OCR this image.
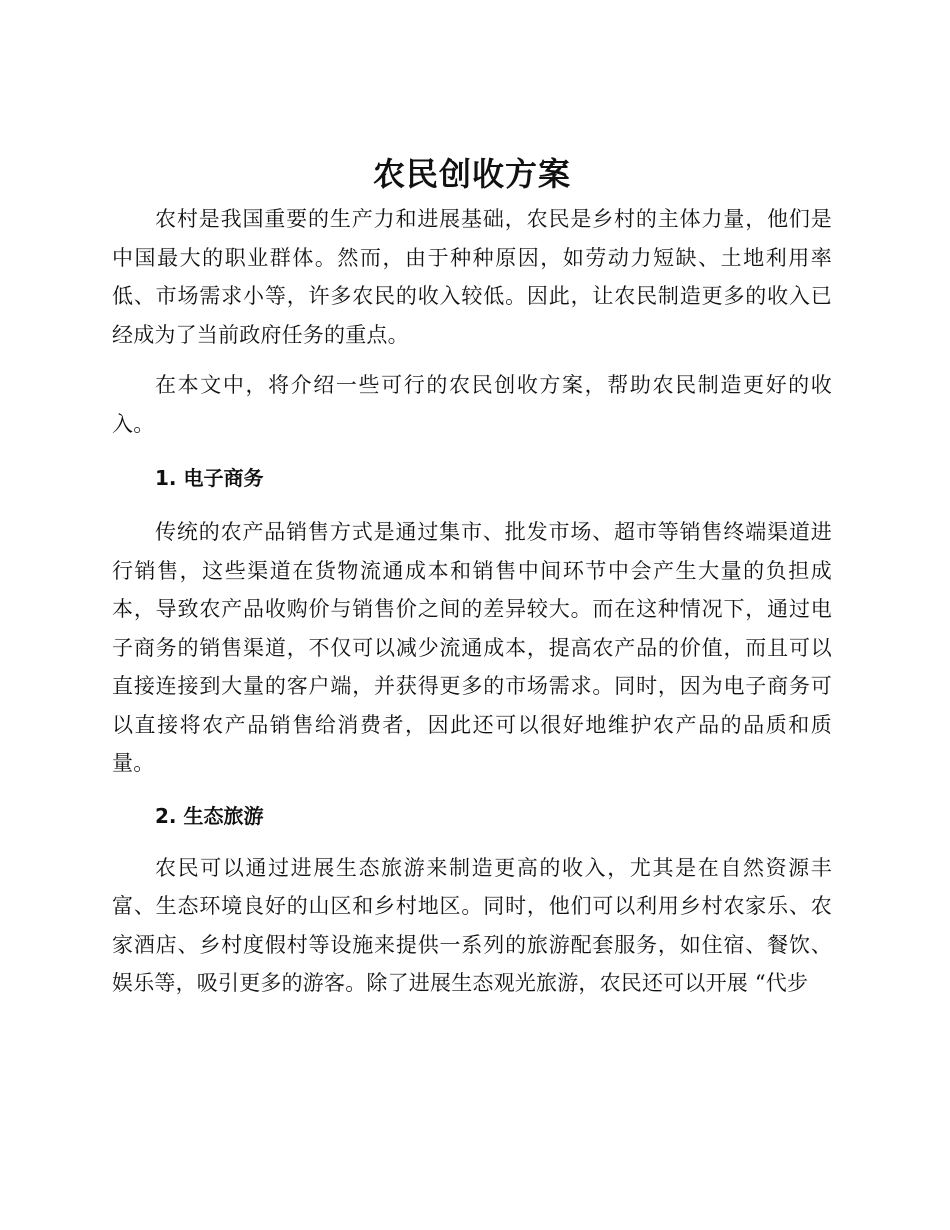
农民创收方案

农村是我国重要的生产力和进展基础，农民是乡村的主体力量，他们是中国最大的职业群体。然而，由于种种原因，如劳动力短缺、土地利用率低、市场需求小等，许多农民的收入较低。因此，让农民制造更多的收入已经成为了当前政府任务的重点。

在本文中，将介绍一些可行的农民创收方案，帮助农民制造更好的收入。

1. 电子商务

传统的农产品销售方式是通过集市、批发市场、超市等销售终端渠道进行销售，这些渠道在货物流通成本和销售中间环节中会产生大量的负担成本，导致农产品收购价与销售价之间的差异较大。而在这种情况下，通过电子商务的销售渠道，不仅可以减少流通成本，提高农产品的价值，而且可以直接连接到大量的客户端，并获得更多的市场需求。同时，因为电子商务可以直接将农产品销售给消费者，因此还可以很好地维护农产品的品质和质量。

2. 生态旅游

农民可以通过进展生态旅游来制造更高的收入，尤其是在自然资源丰富、生态环境良好的山区和乡村地区。同时，他们可以利用乡村农家乐、农家酒店、乡村度假村等设施来提供一系列的旅游配套服务，如住宿、餐饮、娱乐等，吸引更多的游客。除了进展生态观光旅游，农民还可以开展 “代步
